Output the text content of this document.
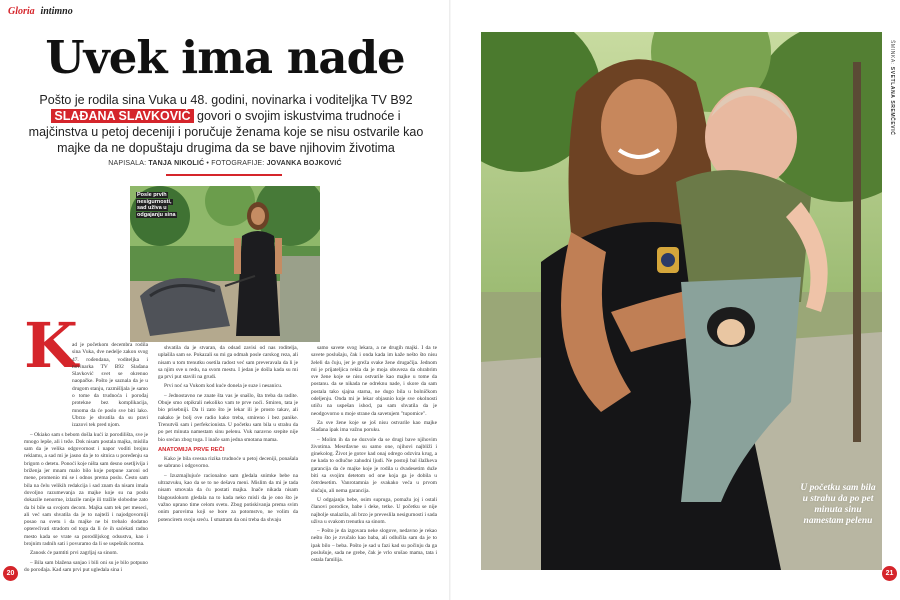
Gloria intimno
Uvek ima nade
Pošto je rodila sina Vuka u 48. godini, novinarka i voditeljka TV B92 SLAĐANA SLAVKOVIĆ govori o svojim iskustvima trudnoće i majčinstva u petoj deceniji i poručuje ženama koje se nisu ostvarile kao majke da ne dopuštaju drugima da se bave njihovim životima
NAPISALA: TANJA NIKOLIĆ • FOTOGRAFIJE: JOVANKA BOJKOVIĆ
Posle prvih
nesigurnosti,
sad uživa u
odgajanju sina
K

ad je početkom decembra rodila sina Vuka, dve nedelje zakon svog 47. rođendana, voditeljka i novinarka TV B92 Slađana Slavković svet se okrenuo naopačke. Pošto je saznala da je u drugom stanju, razmišljala je samo o tome da trudnoća i porođaj protekne bez komplikacija, mnoma da će poslo sve biti lako. Ubrzo je shvatila da su pravi izazovi tek pred njom.

– Okiako sam s bebom došla kući iz porodilišta, sve je mnogo lepše, ali i teže. Dok nisam postala majka, mislila sam da je velika odgovornost i napor voditi brojnu reklamu, a sad mi je jasno da je to sitnica u poređenju sa brigom o detetu. Ponoći koje ništa sam desno osetljivija i briženja jer mnam malo bilo koje potpune zaroni od mene, promenio mi se i odnos prema poslu. Često sam bila na čelu velikih redakcija i sad znam da nisam imala dovoljno razumevanja za majke koje su na poslu dokazile nenorme, izlazile ranije ili tražile slobodne zato da bi bile sa svojom decom. Majka sam tek pet meseci, ali već sam shvatila da je to najteži i najodgovorniji posao na svetu i da majke ne bi trebalo dodatno opterećivati stradom od toga da li će ih saćekati radno mesto kada se vrate sa porodiljskog odsustva, kao i brojnim radnih sati i povuramo da li se uspešnik norma.

Zanosk će pamtiti prvi zagrljaj sa sinom.

– Bila sam blažena sanjao i bili oni su je bilo potpuno do porođaja. Kad sam prvi put ugledala sina i

shvatila da je stvaran, da odsad zavisi od nas roditelja, uplašila sam se. Pokazali su mi ga odmah posle carskog reza, ali nisam u tom trenutku osetila radost već sam preveravala da li je sa njim sve u redu, na svom mestu. I jedan je došla kada su mi ga prvi put stavili na grudi.

Prvi noć sa Vukom kod kuće donela je suze i nesanicu.

– Jednostavno ne znate šta vas je snašlo, šta treba da radite. Obuje smo otpikrali nekoliko vam te prve noći. Smiren, tata je bio prisebniji. Da li zato što je lekar ili je prosto takav, ali nakako je bolj ove radio kako treba, smireno i bez panike. Trenutvši sam i perfekcionista. U početku sam bila u strahu da po pet minuta namestam sinu pelenu. Vuk naravno srepite nije bio srećan zbog toga. I inače sam jedna smotana mama.

ANATOMIJA PRVE REČI

Kako je bila svesna rizika trudnoće u petoj deceniji, ponašala se sabrano i odgovorno.

– Izuzmajlujuće racionalno sam gledala snimke bebe na ultrazvuku, kao da se to ne dešava meni. Mislim da mi je tada nisam smovala da ću postati majka. Inače nikada nisam blagouslokom gledala na to kada neko misli da je ono što je važno uprano time celom svetu. Zbog potiskivanja prema svim onim parovima koji se bore za potomstvo, ne volim da potencirem svoju sreću. I smatram da oni treba da shvaju

samo savete svog lekara, a ne drugih majki. I da te savete poslušaju, čak i onda kada im kaže nešto što nisu želeli da čuju, jer je greža svake žene drugačija. Jednom mi je prijateljica rekla da je moja obuveza da ohrabrim sve žene koje se nisu ostvarile kao majke u tome da postanu. da se nikada ne odreknu nade, i skore da sam postala tako sjajna starna, ne dugo bila u bolničkom odeljenju. Onda mi je lekar objasnio koje sve okolnosti utiču na uspešan ishod, pa sam shvatila da je neodgovorno u moje strane da savetujem "tupomice".

Za sve žene koje se još nisu ostvarile kao majke Slađana ipak ima važnu poruku.

– Molim ih da ne dozvole da se drugi bave njihovim životima. Mesrđavne su samo one, njihovi najbliži i ginekolog. Život je gotov kad onaj odrego odzvira krug, a ne kada to odlučne zahudni ljudi. Ne postoji bal šlažkeva garancija da će majke koje je rodila u dvadesetim duže biti sa svojim detetom od one koja ga je dobila u četrdesetim. Vanrotamnia je svakako veća u prvom slučaju, ali nema garancija.

U odgajanju bebe, osim supruga, pomažu joj i ostali članovi porodice, babe i deke, tetke. U početku se nije najbolje snalazila, ali brzo je preveslila nesigurnosti i sada uživa u svakom trenutku sa sinom.

– Pošto je da izgovara neke slogove, nedavno je rekao nešto što je zvučalo kao baba, ali odlučila sam da je to ipak bilo – beba. Pošto je sad u fazi kad su počinju da ga poslušuje, sada ne grebe, čak je vrlo srušao mama, tata i ostala familija.

20
ŠMINKA: SVETLANA SREMČEVIĆ
U početku sam bila u strahu da po pet minuta sinu namestam pelenu
21
